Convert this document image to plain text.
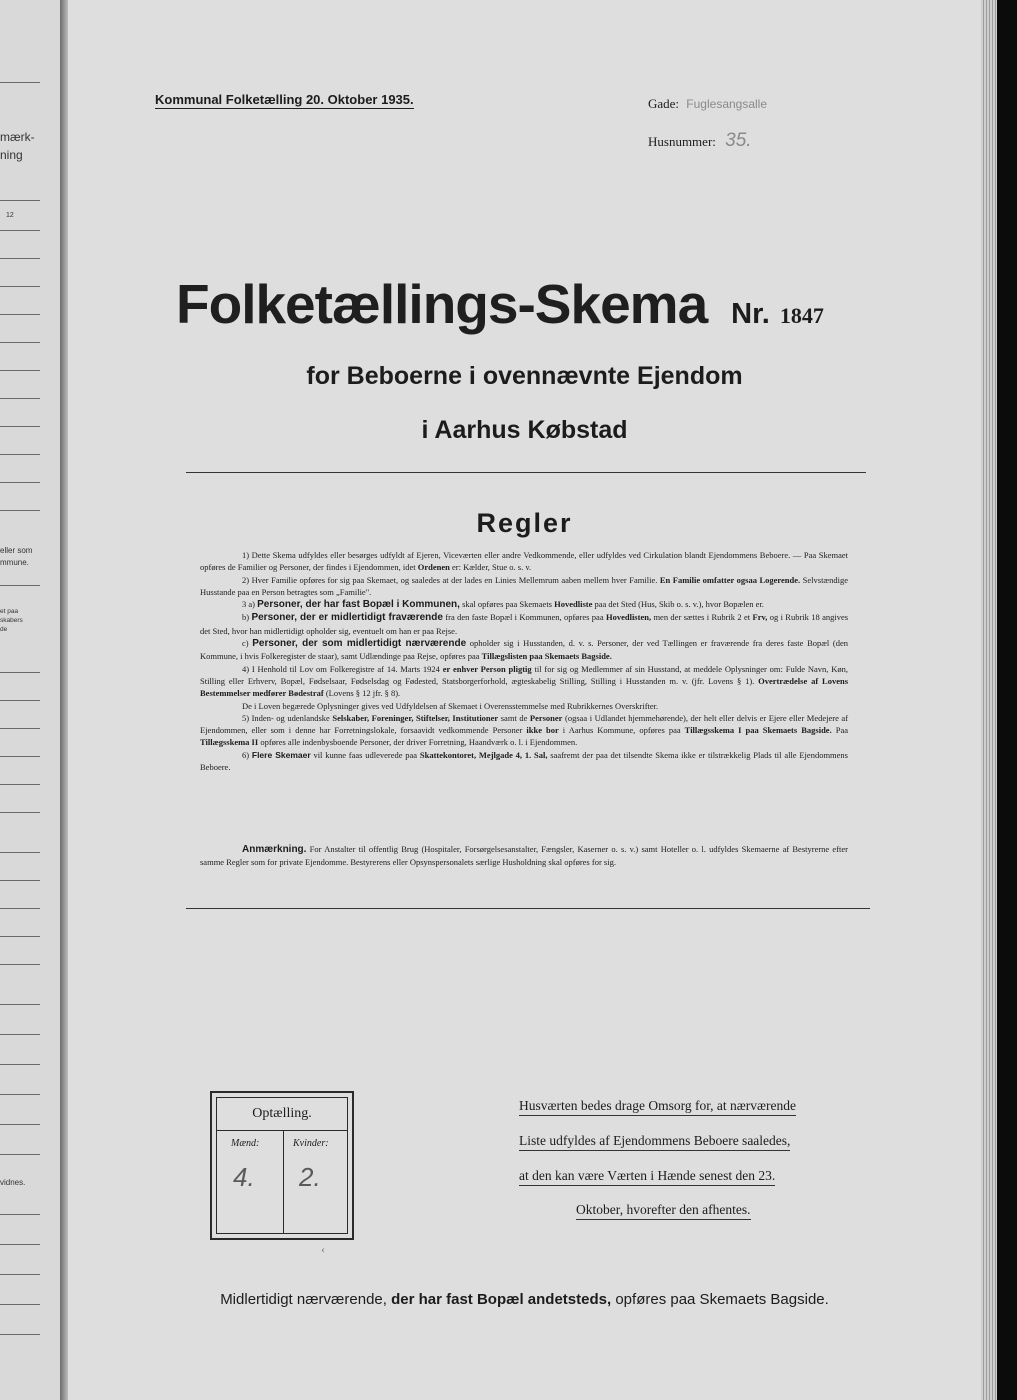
mærk-
ning
12
eller som
mmune.
et paa
skabers
de
vidnes.
Kommunal Folketælling 20. Oktober 1935.	Gade: Fuglesangsalle
Husnummer: 35.
Folketællings-Skema Nr. 1847
for Beboerne i ovennævnte Ejendom
i Aarhus Købstad
Regler

1) Dette Skema udfyldes eller besørges udfyldt af Ejeren, Viceværten eller andre Vedkommende, eller udfyldes ved Cirkulation blandt Ejendommens Beboere. — Paa Skemaet opføres de Familier og Personer, der findes i Ejendommen, idet Ordenen er: Kælder, Stue o. s. v.

2) Hver Familie opføres for sig paa Skemaet, og saaledes at der lades en Linies Mellemrum aaben mellem hver Familie. En Familie omfatter ogsaa Logerende. Selvstændige Husstande paa en Person betragtes som „Familie".

3 a) Personer, der har fast Bopæl i Kommunen, skal opføres paa Skemaets Hovedliste paa det Sted (Hus, Skib o. s. v.), hvor Bopælen er.

b) Personer, der er midlertidigt fraværende fra den faste Bopæl i Kommunen, opføres paa Hovedlisten, men der sættes i Rubrik 2 et Frv, og i Rubrik 18 angives det Sted, hvor han midlertidigt opholder sig, eventuelt om han er paa Rejse.

c) Personer, der som midlertidigt nærværende opholder sig i Husstanden, d. v. s. Personer, der ved Tællingen er fraværende fra deres faste Bopæl (den Kommune, i hvis Folkeregister de staar), samt Udlændinge paa Rejse, opføres paa Tillægslisten paa Skemaets Bagside.

4) I Henhold til Lov om Folkeregistre af 14. Marts 1924 er enhver Person pligtig til for sig og Medlemmer af sin Husstand, at meddele Oplysninger om: Fulde Navn, Køn, Stilling eller Erhverv, Bopæl, Fødselsaar, Fødselsdag og Fødested, Statsborgerforhold, ægteskabelig Stilling, Stilling i Husstanden m. v. (jfr. Lovens § 1). Overtrædelse af Lovens Bestemmelser medfører Bødestraf (Lovens § 12 jfr. § 8).

De i Loven begærede Oplysninger gives ved Udfyldelsen af Skemaet i Overensstemmelse med Rubrikkernes Overskrifter.

5) Inden- og udenlandske Selskaber, Foreninger, Stiftelser, Institutioner samt de Personer (ogsaa i Udlandet hjemmehørende), der helt eller delvis er Ejere eller Medejere af Ejendommen, eller som i denne har Forretningslokale, forsaavidt vedkommende Personer ikke bor i Aarhus Kommune, opføres paa Tillægsskema I paa Skemaets Bagside. Paa Tillægsskema II opføres alle indenbysboende Personer, der driver Forretning, Haandværk o. l. i Ejendommen.

6) Flere Skemaer vil kunne faas udleverede paa Skattekontoret, Mejlgade 4, 1. Sal, saafremt der paa det tilsendte Skema ikke er tilstrækkelig Plads til alle Ejendommens Beboere.

Anmærkning. For Anstalter til offentlig Brug (Hospitaler, Forsørgelsesanstalter, Fængsler, Kaserner o. s. v.) samt Hoteller o. l. udfyldes Skemaerne af Bestyrerne efter samme Regler som for private Ejendomme. Bestyrerens eller Opsynspersonalets særlige Husholdning skal opføres for sig.

Optælling.
Mænd:	Kvinder:
4. 2.
Husværten bedes drage Omsorg for, at nærværende
Liste udfyldes af Ejendommens Beboere saaledes,
at den kan være Værten i Hænde senest den 23.
Oktober, hvorefter den afhentes.
‹
Midlertidigt nærværende, der har fast Bopæl andetsteds, opføres paa Skemaets Bagside.
